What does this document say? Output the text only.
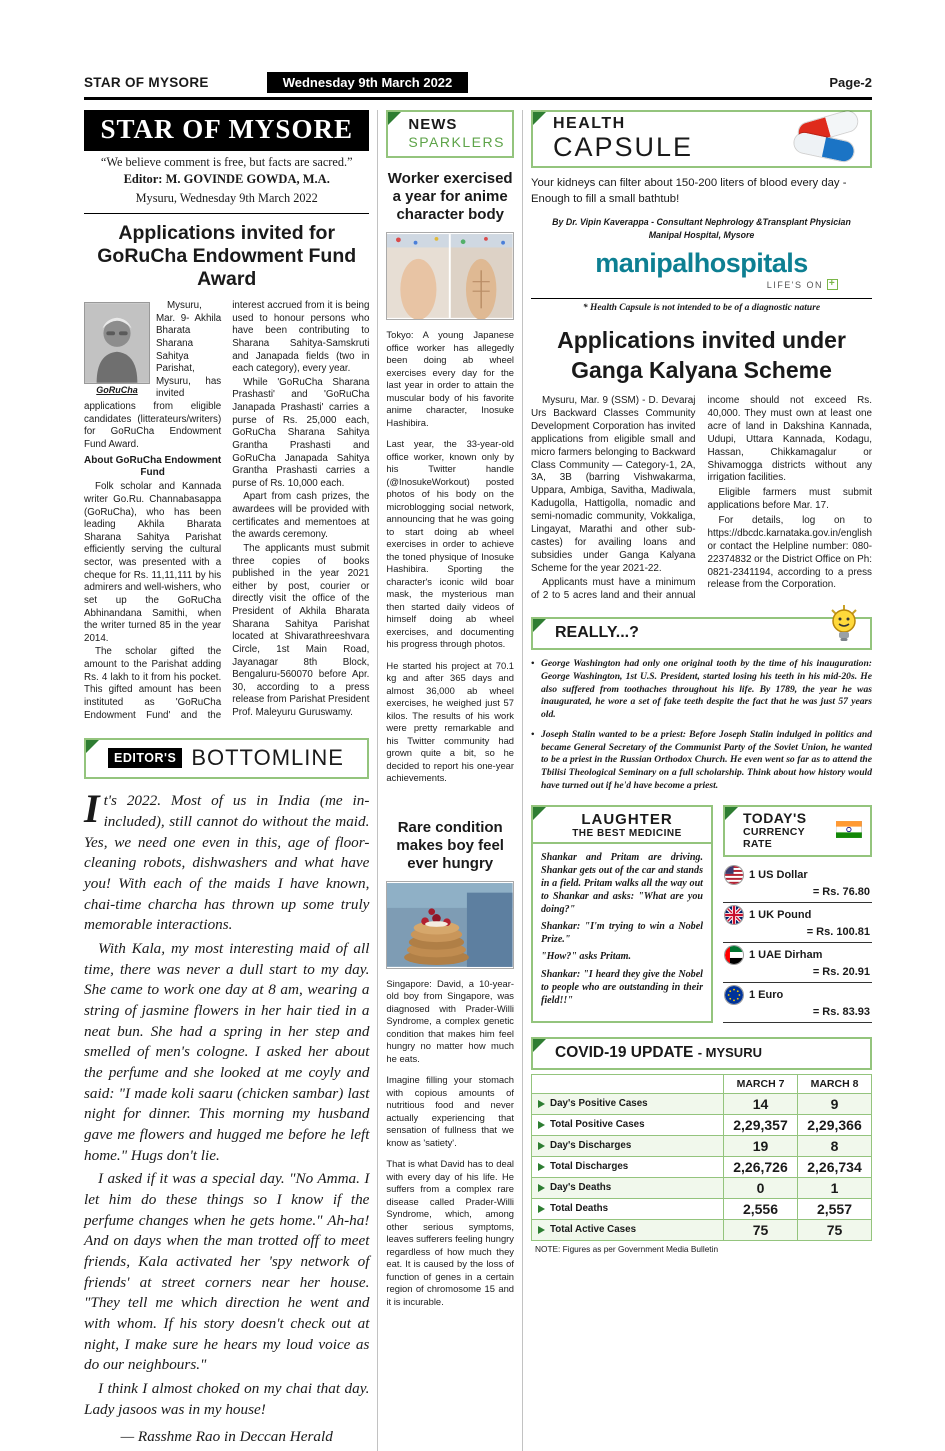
STAR OF MYSORE	Wednesday 9th March 2022	Page-2
STAR OF MYSORE
“We believe comment is free, but facts are sacred.”
Editor: M. GOVINDE GOWDA, M.A.
Mysuru, Wednesday 9th March 2022
Applications invited for GoRuCha Endowment Fund Award
GoRuCha

Mysuru, Mar. 9- Akhila Bharata Sharana Sahitya Parishat, Mysuru, has invited applications from eligible candidates (litterateurs/writers) for GoRuCha Endowment Fund Award.

About GoRuCha Endowment Fund

Folk scholar and Kannada writer Go.Ru. Channabasappa (GoRuCha), who has been leading Akhila Bharata Sharana Sahitya Parishat efficiently serving the cultural sector, was presented with a cheque for Rs. 11,11,111 by his admirers and well-wishers, who set up the GoRuCha Abhinandana Samithi, when the writer turned 85 in the year 2014.

The scholar gifted the amount to the Parishat adding Rs. 4 lakh to it from his pocket. This gifted amount has been instituted as 'GoRuCha Endowment Fund' and the interest accrued from it is being used to honour persons who have been contributing to Sharana Sahitya-Samskruti and Janapada fields (two in each category), every year.

While 'GoRuCha Sharana Prashasti' and 'GoRuCha Janapada Prashasti' carries a purse of Rs. 25,000 each, GoRuCha Sharana Sahitya Grantha Prashasti and GoRuCha Janapada Sahitya Grantha Prashasti carries a purse of Rs. 10,000 each.

Apart from cash prizes, the awardees will be provided with certificates and mementoes at the awards ceremony.

The applicants must submit three copies of books published in the year 2021 either by post, courier or directly visit the office of the President of Akhila Bharata Sharana Sahitya Parishat located at Shivarathreeshvara Circle, 1st Main Road, Jayanagar 8th Block, Bengaluru-560070 before Apr. 30, according to a press release from Parishat President Prof. Maleyuru Guruswamy.

EDITOR'S BOTTOMLINE

It's 2022. Most of us in India (me in-included), still cannot do without the maid. Yes, we need one even in this, age of floor-cleaning robots, dishwashers and what have you! With each of the maids I have known, chai-time charcha has thrown up some truly memorable interactions.

With Kala, my most interesting maid of all time, there was never a dull start to my day. She came to work one day at 8 am, wearing a string of jasmine flowers in her hair tied in a neat bun. She had a spring in her step and smelled of men's cologne. I asked her about the perfume and she looked at me coyly and said: "I made koli saaru (chicken sambar) last night for dinner. This morning my husband gave me flowers and hugged me before he left home." Hugs don't lie.

I asked if it was a special day. "No Amma. I let him do these things so I know if the perfume changes when he gets home." Ah-ha! And on days when the man trotted off to meet friends, Kala activated her 'spy network of friends' at street corners near her house. "They tell me which direction he went and with whom. If his story doesn't check out at night, I make sure he hears my loud voice as do our neighbours."

I think I almost choked on my chai that day. Lady jasoos was in my house!

— Rasshme Rao in Deccan Herald

NEWS
SPARKLERS
Worker exercised a year for anime character body

Tokyo: A young Japanese office worker has allegedly been doing ab wheel exercises every day for the last year in order to attain the muscular body of his favorite anime character, Inosuke Hashibira.

Last year, the 33-year-old office worker, known only by his Twitter handle (@InosukeWorkout) posted photos of his body on the microblogging social network, announcing that he was going to start doing ab wheel exercises in order to achieve the toned physique of Inosuke Hashibira. Sporting the character's iconic wild boar mask, the mysterious man then started daily videos of himself doing ab wheel exercises, and documenting his progress through photos.

He started his project at 70.1 kg and after 365 days and almost 36,000 ab wheel exercises, he weighed just 57 kilos. The results of his work were pretty remarkable and his Twitter community had grown quite a bit, so he decided to report his one-year achievements.

Rare condition makes boy feel ever hungry

Singapore: David, a 10-year-old boy from Singapore, was diagnosed with Prader-Willi Syndrome, a complex genetic condition that makes him feel hungry no matter how much he eats.

Imagine filling your stomach with copious amounts of nutritious food and never actually experiencing that sensation of fullness that we know as 'satiety'.

That is what David has to deal with every day of his life. He suffers from a complex rare disease called Prader-Willi Syndrome, which, among other serious symptoms, leaves sufferers feeling hungry regardless of how much they eat. It is caused by the loss of function of genes in a certain region of chromosome 15 and it is incurable.

HEALTH
CAPSULE

Your kidneys can filter about 150-200 liters of blood every day - Enough to fill a small bathtub!

By Dr. Vipin Kaverappa - Consultant Nephrology &Transplant Physician
Manipal Hospital, Mysore
manipalhospitals
LIFE'S ON +
* Health Capsule is not intended to be of a diagnostic nature
Applications invited under Ganga Kalyana Scheme

Mysuru, Mar. 9 (SSM) - D. Devaraj Urs Backward Classes Community Development Corporation has invited applications from eligible small and micro farmers belonging to Backward Class Community — Category-1, 2A, 3A, 3B (barring Vishwakarma, Uppara, Ambiga, Savitha, Madiwala, Kadugolla, Hattigolla, nomadic and semi-nomadic community, Vokkaliga, Lingayat, Marathi and other sub-castes) for availing loans and subsidies under Ganga Kalyana Scheme for the year 2021-22.

Applicants must have a minimum of 2 to 5 acres land and their annual income should not exceed Rs. 40,000. They must own at least one acre of land in Dakshina Kannada, Udupi, Uttara Kannada, Kodagu, Hassan, Chikkamagalur or Shivamogga districts without any irrigation facilities.

Eligible farmers must submit applications before Mar. 17.

For details, log on to https://dbcdc.karnataka.gov.in/english or contact the Helpline number: 080-22374832 or the District Office on Ph: 0821-2341194, according to a press release from the Corporation.

REALLY...?

• George Washington had only one original tooth by the time of his inauguration: George Washington, 1st U.S. President, started losing his teeth in his mid-20s. He also suffered from toothaches throughout his life. By 1789, the year he was inaugurated, he wore a set of fake teeth despite the fact that he was just 57 years old.

• Joseph Stalin wanted to be a priest: Before Joseph Stalin indulged in politics and became General Secretary of the Communist Party of the Soviet Union, he wanted to be a priest in the Russian Orthodox Church. He even went so far as to attend the Tbilisi Theological Seminary on a full scholarship. Think about how history would have turned out if he'd have become a priest.

LAUGHTER
THE BEST MEDICINE

Shankar and Pritam are driving. Shankar gets out of the car and stands in a field. Pritam walks all the way out to Shankar and asks: "What are you doing?"

Shankar: "I'm trying to win a Nobel Prize."

"How?" asks Pritam.

Shankar: "I heard they give the Nobel to people who are outstanding in their field!!"

TODAY'S
CURRENCY RATE
1 US Dollar
= Rs. 76.80
1 UK Pound
= Rs. 100.81
1 UAE Dirham
= Rs. 20.91
1 Euro
= Rs. 83.93
COVID-19 UPDATE - MYSURU
	MARCH 7	MARCH 8
Day's Positive Cases	14	9
Total Positive Cases	2,29,357	2,29,366
Day's Discharges	19	8
Total Discharges	2,26,726	2,26,734
Day's Deaths	0	1
Total Deaths	2,556	2,557
Total Active Cases	75	75
NOTE: Figures as per Government Media Bulletin
